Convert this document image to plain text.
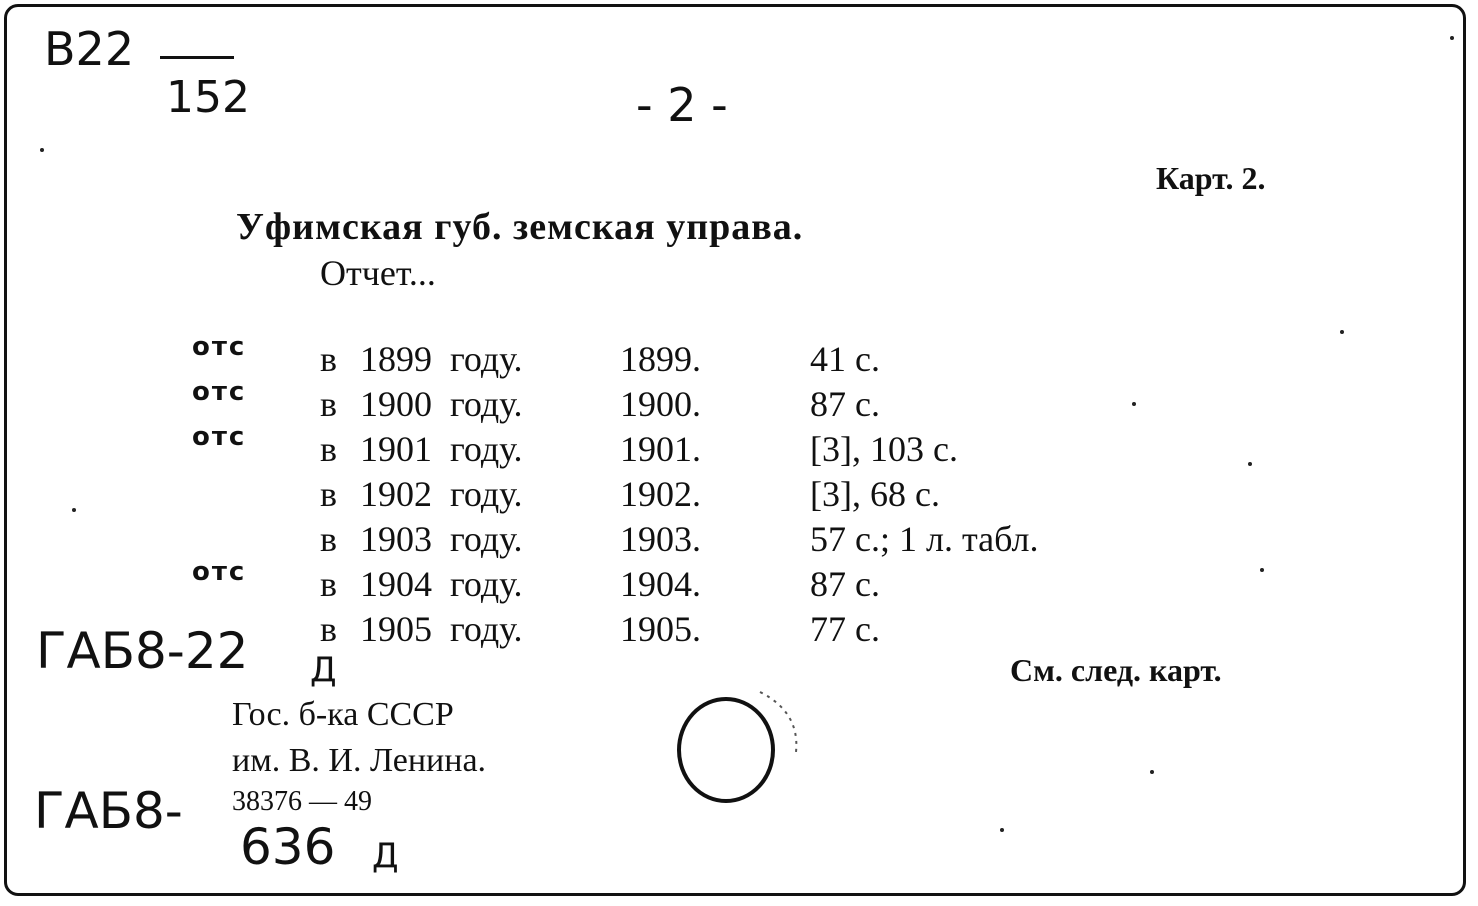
В22
152	- 2 -
Карт. 2.
Уфимская губ. земская управа.
Отчет...
отс в 1899 году.	1899.	41 с.
отс в 1900 году.	1900.	87 с.
отс в 1901 году.	1901.	[3], 103 с.
в 1902 году.	1902.	[3], 68 с.
в 1903 году.	1903.	57 с.; 1 л. табл.
отс в 1904 году.	1904.	87 с.
в 1905 году.	1905.	77 с.
См. след. карт.
ГАБ8-22 Д
Гос. б-ка СССР
им. В. И. Ленина.
38376 — 49
ГАБ8-
636 Д
